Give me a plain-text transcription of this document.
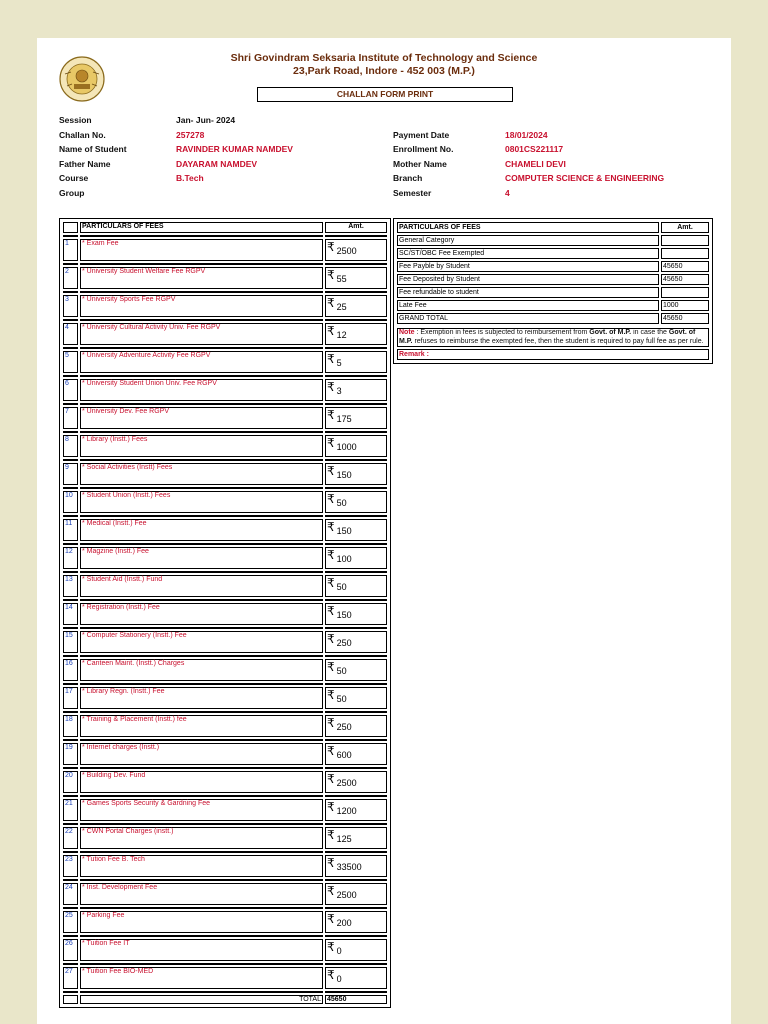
Shri Govindram Seksaria Institute of Technology and Science
23,Park Road, Indore - 452 003 (M.P.)
CHALLAN FORM PRINT
Session	Jan- Jun- 2024
Challan No.	257278
Name of Student	RAVINDER KUMAR NAMDEV
Father Name	DAYARAM NAMDEV
Course	B.Tech
Group
Payment Date	18/01/2024
Enrollment No.	0801CS221117
Mother Name	CHAMELI DEVI
Branch	COMPUTER SCIENCE & ENGINEERING
Semester	4
	PARTICULARS OF FEES	Amt.

1	* Exam Fee	₹ 2500

2	* University Student Welfare Fee RGPV	₹ 55

3	* University Sports Fee RGPV	₹ 25

4	* University Cultural Activity Univ. Fee RGPV	₹ 12

5	* University Adventure Activity Fee RGPV	₹ 5

6	* University Student Union Univ. Fee RGPV	₹ 3

7	* University Dev. Fee RGPV	₹ 175

8	* Library (Instt.) Fees	₹ 1000

9	* Social Activities (Instt) Fees	₹ 150

10	* Student Union (Instt.) Fees	₹ 50

11	* Medical (Instt.) Fee	₹ 150

12	* Magzine (Instt.) Fee	₹ 100

13	* Student Aid (Instt.) Fund	₹ 50

14	* Registration (Instt.) Fee	₹ 150

15	* Computer Stationery (Instt.) Fee	₹ 250

16	* Canteen Maint. (Instt.) Charges	₹ 50

17	* Library Regn. (Instt.) Fee	₹ 50

18	* Training & Placement (Instt.) fee	₹ 250

19	* Internet charges (Instt.)	₹ 600

20	* Building Dev. Fund	₹ 2500

21	* Games Sports Security & Gardning Fee	₹ 1200

22	* CWN Portal Charges (instt.)	₹ 125

23	* Tution Fee B. Tech	₹ 33500

24	* Inst. Development Fee	₹ 2500

25	* Parking Fee	₹ 200

26	* Tuition Fee IT	₹ 0

27	* Tuition Fee BIO-MED	₹ 0

	TOTAL	45650
PARTICULARS OF FEES	Amt.
General Category	
SC/ST/OBC Fee Exempted	
Fee Payble by Student	45650
Fee Deposited by Student	45650
Fee refundable to student	
Late Fee	1000
GRAND TOTAL	45650
Note : Exemption in fees is subjected to reimbursement from Govt. of M.P. in case the Govt. of M.P. refuses to reimburse the exempted fee, then the student is required to pay full fee as per rule.
Remark :
